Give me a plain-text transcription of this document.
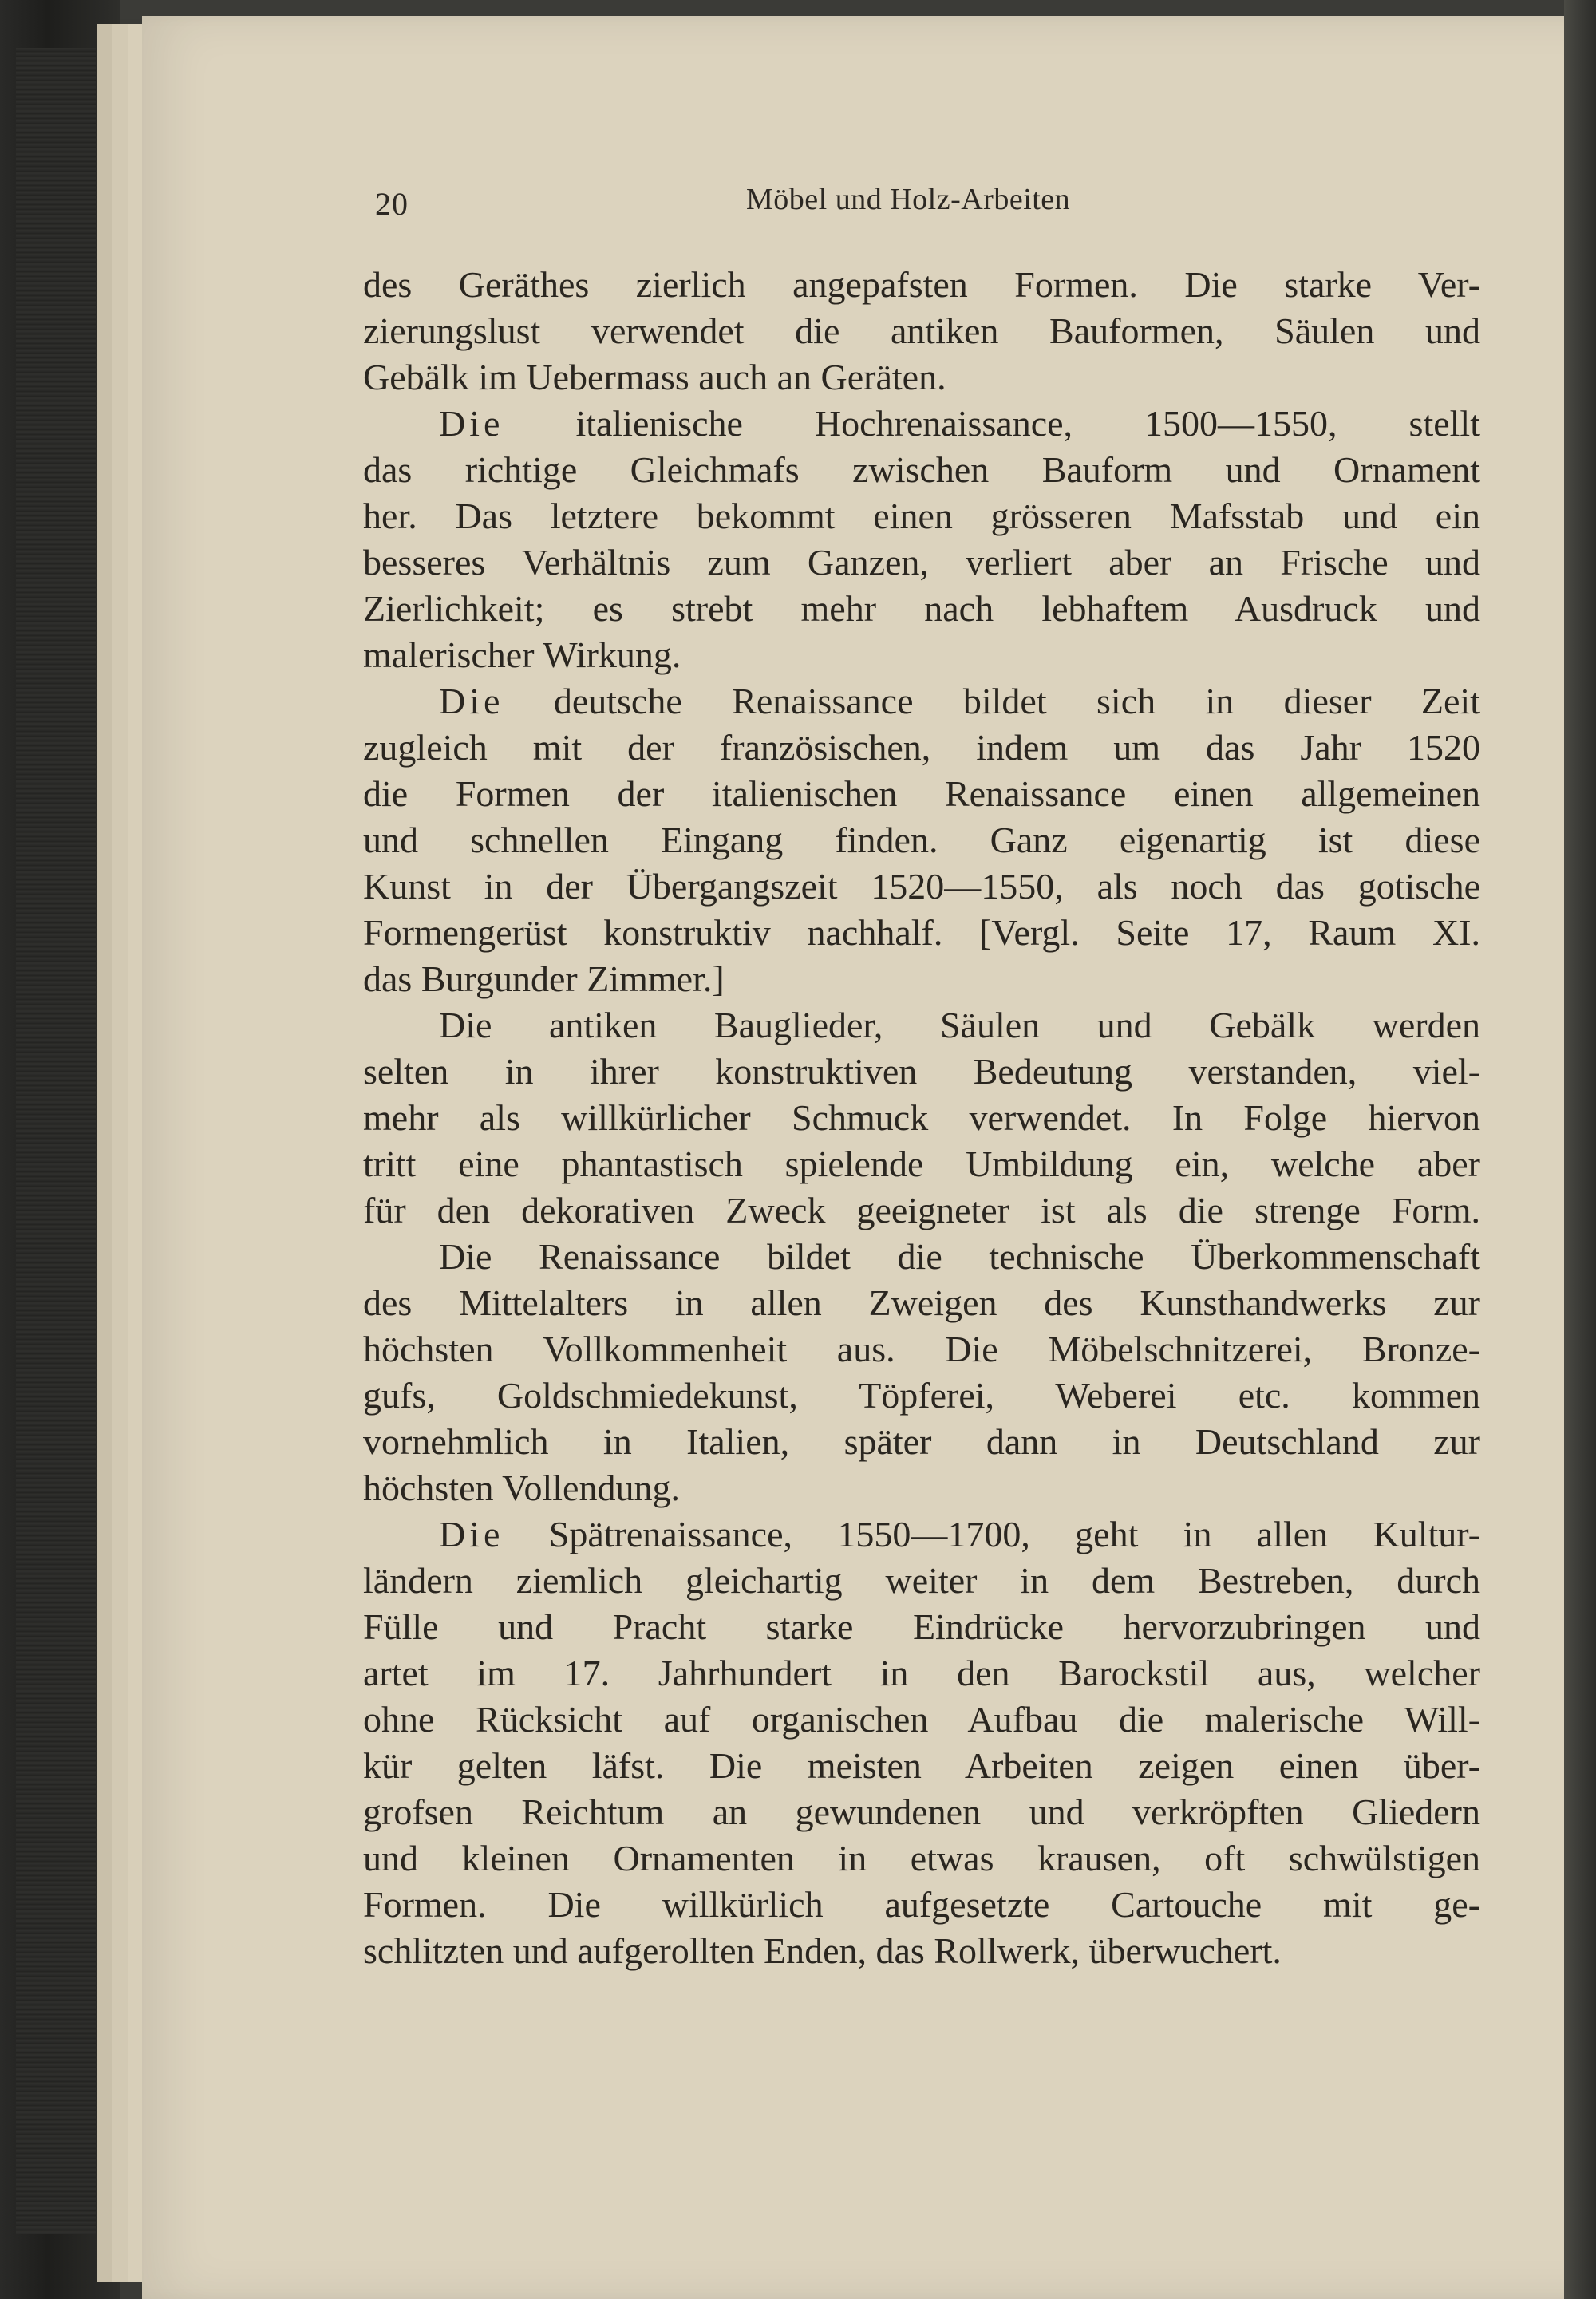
20	Möbel und Holz-Arbeiten
des Geräthes zierlich angepafsten Formen. Die starke Ver-
zierungslust verwendet die antiken Bauformen, Säulen und
Gebälk im Uebermass auch an Geräten.
Die italienische Hochrenaissance, 1500—1550, stellt
das richtige Gleichmafs zwischen Bauform und Ornament
her. Das letztere bekommt einen grösseren Mafsstab und ein
besseres Verhältnis zum Ganzen, verliert aber an Frische und
Zierlichkeit; es strebt mehr nach lebhaftem Ausdruck und
malerischer Wirkung.
Die deutsche Renaissance bildet sich in dieser Zeit
zugleich mit der französischen, indem um das Jahr 1520
die Formen der italienischen Renaissance einen allgemeinen
und schnellen Eingang finden. Ganz eigenartig ist diese
Kunst in der Übergangszeit 1520—1550, als noch das gotische
Formengerüst konstruktiv nachhalf. [Vergl. Seite 17, Raum XI.
das Burgunder Zimmer.]
Die antiken Bauglieder, Säulen und Gebälk werden
selten in ihrer konstruktiven Bedeutung verstanden, viel-
mehr als willkürlicher Schmuck verwendet. In Folge hiervon
tritt eine phantastisch spielende Umbildung ein, welche aber
für den dekorativen Zweck geeigneter ist als die strenge Form.
Die Renaissance bildet die technische Überkommenschaft
des Mittelalters in allen Zweigen des Kunsthandwerks zur
höchsten Vollkommenheit aus. Die Möbelschnitzerei, Bronze-
gufs, Goldschmiedekunst, Töpferei, Weberei etc. kommen
vornehmlich in Italien, später dann in Deutschland zur
höchsten Vollendung.
Die Spätrenaissance, 1550—1700, geht in allen Kultur-
ländern ziemlich gleichartig weiter in dem Bestreben, durch
Fülle und Pracht starke Eindrücke hervorzubringen und
artet im 17. Jahrhundert in den Barockstil aus, welcher
ohne Rücksicht auf organischen Aufbau die malerische Will-
kür gelten läfst. Die meisten Arbeiten zeigen einen über-
grofsen Reichtum an gewundenen und verkröpften Gliedern
und kleinen Ornamenten in etwas krausen, oft schwülstigen
Formen. Die willkürlich aufgesetzte Cartouche mit ge-
schlitzten und aufgerollten Enden, das Rollwerk, überwuchert.
